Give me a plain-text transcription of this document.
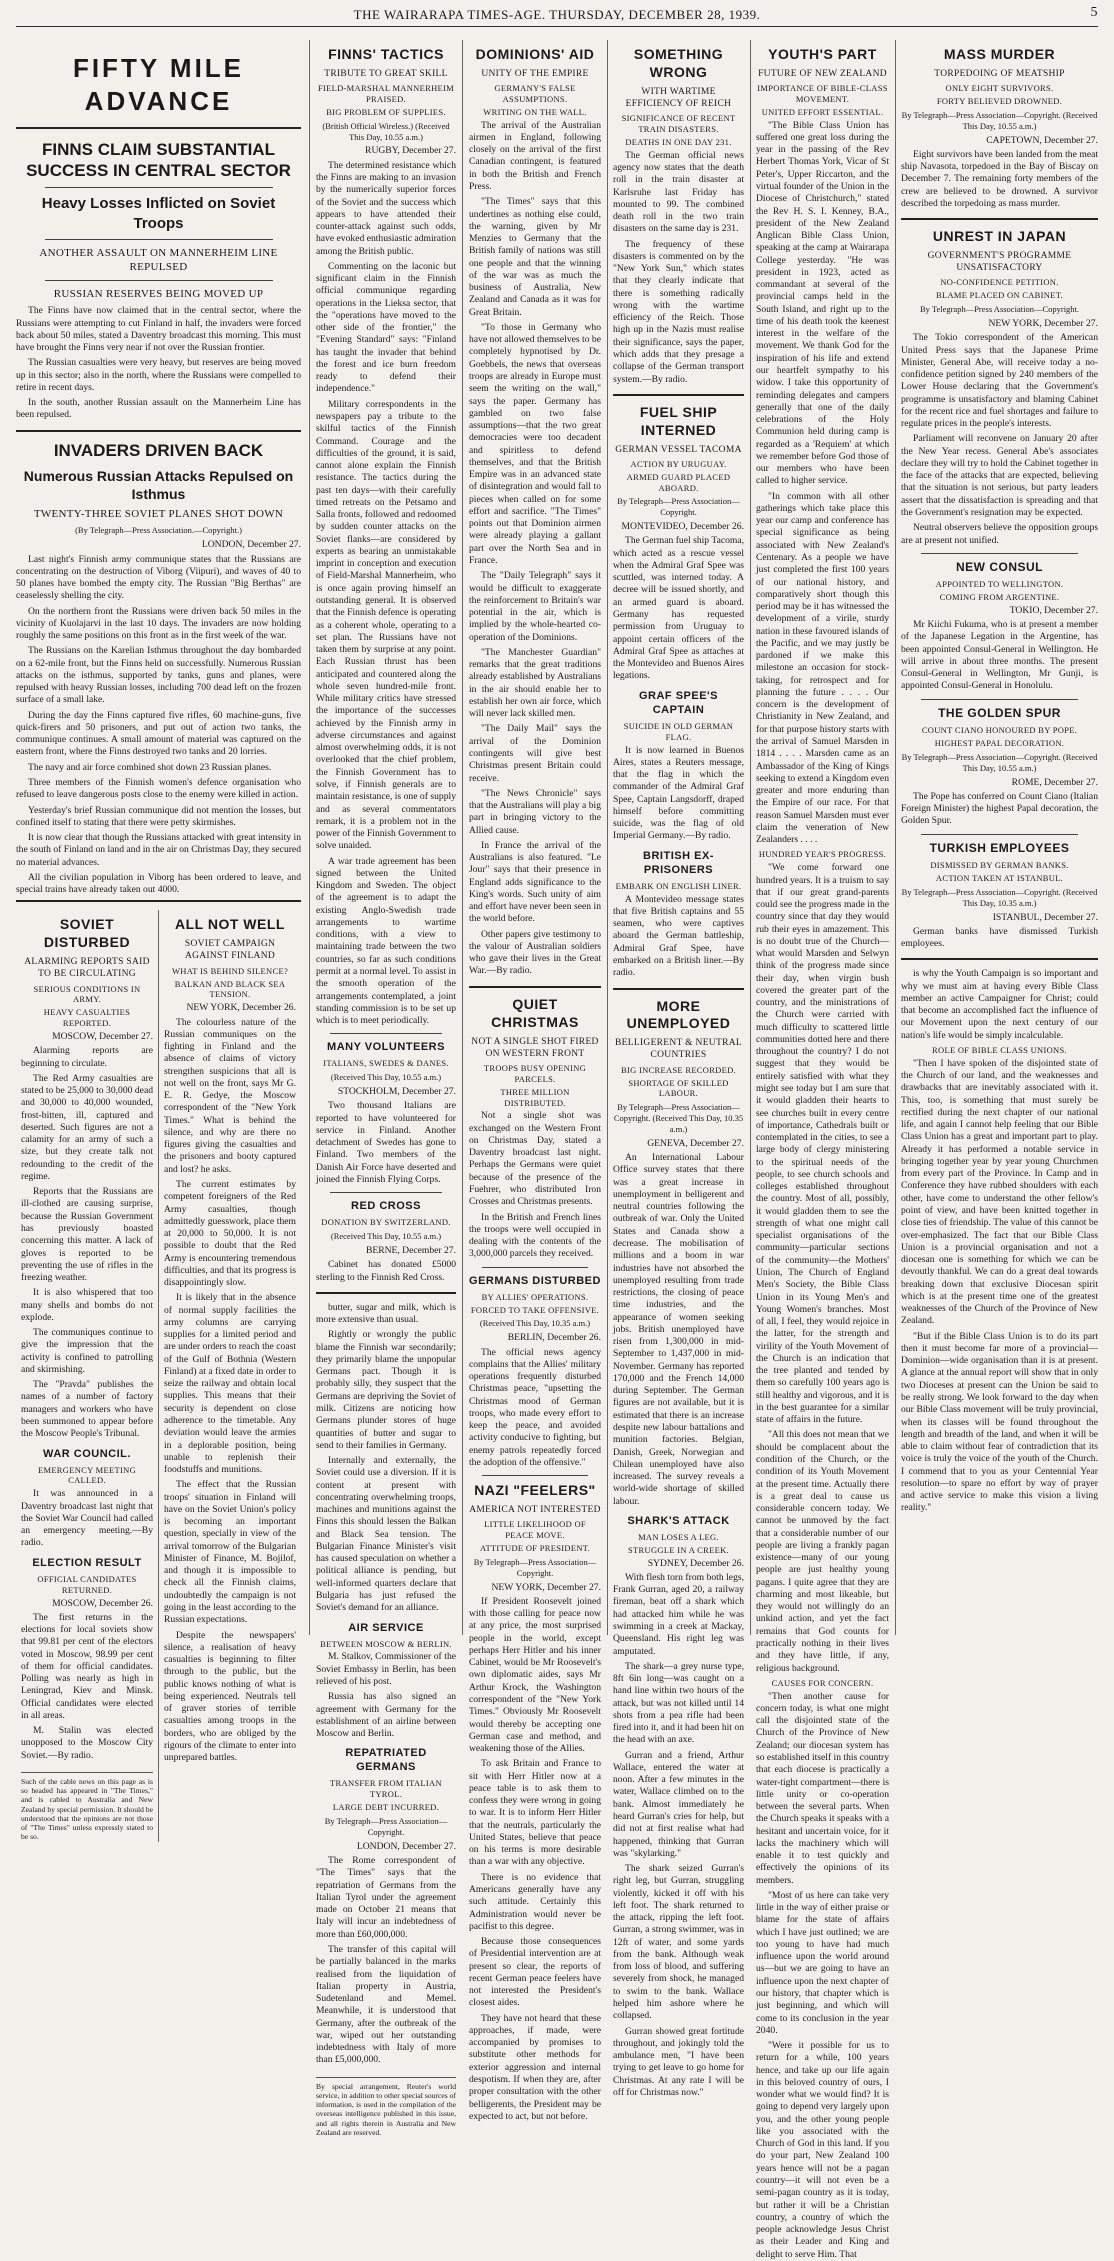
THE WAIRARAPA TIMES-AGE. THURSDAY, DECEMBER 28, 1939.	5
FIFTY MILE ADVANCE
FINNS CLAIM SUBSTANTIAL SUCCESS IN CENTRAL SECTOR
Heavy Losses Inflicted on Soviet Troops
ANOTHER ASSAULT ON MANNERHEIM LINE REPULSED
RUSSIAN RESERVES BEING MOVED UP

The Finns have now claimed that in the central sector, where the Russians were attempting to cut Finland in half, the invaders were forced back about 50 miles, stated a Daventry broadcast this morning. This must have brought the Finns very near if not over the Russian frontier.

The Russian casualties were very heavy, but reserves are being moved up in this sector; also in the north, where the Russians were compelled to retire in recent days.

In the south, another Russian assault on the Mannerheim Line has been repulsed.

INVADERS DRIVEN BACK
Numerous Russian Attacks Repulsed on Isthmus
TWENTY-THREE SOVIET PLANES SHOT DOWN
(By Telegraph—Press Association.—Copyright.)
LONDON, December 27.

Last night's Finnish army communique states that the Russians are concentrating on the destruction of Viborg (Viipuri), and waves of 40 to 50 planes have bombed the empty city. The Russian "Big Berthas" are ceaselessly shelling the city.

On the northern front the Russians were driven back 50 miles in the vicinity of Kuolajarvi in the last 10 days. The invaders are now holding roughly the same positions on this front as in the first week of the war.

The Russians on the Karelian Isthmus throughout the day bombarded on a 62-mile front, but the Finns held on successfully. Numerous Russian attacks on the isthmus, supported by tanks, guns and planes, were repulsed with heavy Russian losses, including 700 dead left on the frozen surface of a small lake.

During the day the Finns captured five rifles, 60 machine-guns, five quick-firers and 50 prisoners, and put out of action two tanks, the communique continues. A small amount of material was captured on the eastern front, where the Finns destroyed two tanks and 20 lorries.

The navy and air force combined shot down 23 Russian planes.

Three members of the Finnish women's defence organisation who refused to leave dangerous posts close to the enemy were killed in action.

Yesterday's brief Russian communique did not mention the losses, but confined itself to stating that there were petty skirmishes.

It is now clear that though the Russians attacked with great intensity in the south of Finland on land and in the air on Christmas Day, they secured no material advances.

All the civilian population in Viborg has been ordered to leave, and special trains have already taken out 4000.

SOVIET DISTURBED
ALARMING REPORTS SAID TO BE CIRCULATING
SERIOUS CONDITIONS IN ARMY.
HEAVY CASUALTIES REPORTED.
MOSCOW, December 27.

Alarming reports are beginning to circulate.

The Red Army casualties are stated to be 25,000 to 30,000 dead and 30,000 to 40,000 wounded, frost-bitten, ill, captured and deserted. Such figures are not a calamity for an army of such a size, but they create talk not redounding to the credit of the regime.

Reports that the Russians are ill-clothed are causing surprise, because the Russian Government has previously boasted concerning this matter. A lack of gloves is reported to be preventing the use of rifles in the freezing weather.

It is also whispered that too many shells and bombs do not explode.

The communiques continue to give the impression that the activity is confined to patrolling and skirmishing.

The "Pravda" publishes the names of a number of factory managers and workers who have been summoned to appear before the Moscow People's Tribunal.

WAR COUNCIL.
EMERGENCY MEETING CALLED.

It was announced in a Daventry broadcast last night that the Soviet War Council had called an emergency meeting.—By radio.

ELECTION RESULT
OFFICIAL CANDIDATES RETURNED.
MOSCOW, December 26.

The first returns in the elections for local soviets show that 99.81 per cent of the electors voted in Moscow, 98.99 per cent of them for official candidates. Polling was nearly as high in Leningrad, Kiev and Minsk. Official candidates were elected in all areas.

M. Stalin was elected unopposed to the Moscow City Soviet.—By radio.

Such of the cable news on this page as is so headed has appeared in "The Times," and is cabled to Australia and New Zealand by special permission. It should be understood that the opinions are not those of "The Times" unless expressly stated to be so.
ALL NOT WELL
SOVIET CAMPAIGN AGAINST FINLAND
WHAT IS BEHIND SILENCE?
BALKAN AND BLACK SEA TENSION.
NEW YORK, December 26.

The colourless nature of the Russian communiques on the fighting in Finland and the absence of claims of victory strengthen suspicions that all is not well on the front, says Mr G. E. R. Gedye, the Moscow correspondent of the "New York Times." What is behind the silence, and why are there no figures giving the casualties and the prisoners and booty captured and lost? he asks.

The current estimates by competent foreigners of the Red Army casualties, though admittedly guesswork, place them at 20,000 to 50,000. It is not possible to doubt that the Red Army is encountering tremendous difficulties, and that its progress is disappointingly slow.

It is likely that in the absence of normal supply facilities the army columns are carrying supplies for a limited period and are under orders to reach the coast of the Gulf of Bothnia (Western Finland) at a fixed date in order to seize the railway and obtain local supplies. This means that their security is dependent on close adherence to the timetable. Any deviation would leave the armies in a deplorable position, being unable to replenish their foodstuffs and munitions.

The effect that the Russian troops' situation in Finland will have on the Soviet Union's policy is becoming an important question, specially in view of the arrival tomorrow of the Bulgarian Minister of Finance, M. Bojilof, and though it is impossible to check all the Finnish claims, undoubtedly the campaign is not going in the least according to the Russian expectations.

Despite the newspapers' silence, a realisation of heavy casualties is beginning to filter through to the public, but the public knows nothing of what is being experienced. Neutrals tell of graver stories of terrible casualties among troops in the borders, who are obliged by the rigours of the climate to enter into unprepared battles.

FINNS' TACTICS
TRIBUTE TO GREAT SKILL
FIELD-MARSHAL MANNERHEIM PRAISED.
BIG PROBLEM OF SUPPLIES.
(British Official Wireless.) (Received This Day, 10.55 a.m.)
RUGBY, December 27.

The determined resistance which the Finns are making to an invasion by the numerically superior forces of the Soviet and the success which appears to have attended their counter-attack against such odds, have evoked enthusiastic admiration among the British public.

Commenting on the laconic but significant claim in the Finnish official communique regarding operations in the Lieksa sector, that the "operations have moved to the other side of the frontier," the "Evening Standard" says: "Finland has taught the invader that behind the forest and ice burn freedom ready to defend their independence."

Military correspondents in the newspapers pay a tribute to the skilful tactics of the Finnish Command. Courage and the difficulties of the ground, it is said, cannot alone explain the Finnish resistance. The tactics during the past ten days—with their carefully timed retreats on the Petsamo and Salla fronts, followed and redoomed by sudden counter attacks on the Soviet flanks—are considered by experts as bearing an unmistakable imprint in conception and execution of Field-Marshal Mannerheim, who is once again proving himself an outstanding general. It is observed that the Finnish defence is operating as a coherent whole, operating to a set plan. The Russians have not taken them by surprise at any point. Each Russian thrust has been anticipated and countered along the whole seven hundred-mile front. While military critics have stressed the importance of the successes achieved by the Finnish army in adverse circumstances and against almost overwhelming odds, it is not overlooked that the chief problem, the Finnish Government has to solve, if Finnish generals are to maintain resistance, is one of supply and as several commentators remark, it is a problem not in the power of the Finnish Government to solve unaided.

A war trade agreement has been signed between the United Kingdom and Sweden. The object of the agreement is to adapt the existing Anglo-Swedish trade arrangements to wartime conditions, with a view to maintaining trade between the two countries, so far as such conditions permit at a normal level. To assist in the smooth operation of the arrangements contemplated, a joint standing commission is to be set up which is to meet periodically.

MANY VOLUNTEERS
ITALIANS, SWEDES & DANES.
(Received This Day, 10.55 a.m.)
STOCKHOLM, December 27.

Two thousand Italians are reported to have volunteered for service in Finland. Another detachment of Swedes has gone to Finland. Two members of the Danish Air Force have deserted and joined the Finnish Flying Corps.

RED CROSS
DONATION BY SWITZERLAND.
(Received This Day, 10.55 a.m.)
BERNE, December 27.

Cabinet has donated £5000 sterling to the Finnish Red Cross.

butter, sugar and milk, which is more extensive than usual.

Rightly or wrongly the public blame the Finnish war secondarily; they primarily blame the unpopular Germans pact. Though it is probably silly, they suspect that the Germans are depriving the Soviet of milk. Citizens are noticing how Germans plunder stores of huge quantities of butter and sugar to send to their families in Germany.

Internally and externally, the Soviet could use a diversion. If it is content at present with concentrating overwhelming troops, machines and munitions against the Finns this should lessen the Balkan and Black Sea tension. The Bulgarian Finance Minister's visit has caused speculation on whether a political alliance is pending, but well-informed quarters declare that Bulgaria has just refused the Soviet's demand for an alliance.

AIR SERVICE
BETWEEN MOSCOW & BERLIN.

M. Stalkov, Commissioner of the Soviet Embassy in Berlin, has been relieved of his post.

Russia has also signed an agreement with Germany for the establishment of an airline between Moscow and Berlin.

REPATRIATED GERMANS
TRANSFER FROM ITALIAN TYROL.
LARGE DEBT INCURRED.
By Telegraph—Press Association—Copyright.
LONDON, December 27.

The Rome correspondent of "The Times" says that the repatriation of Germans from the Italian Tyrol under the agreement made on October 21 means that Italy will incur an indebtedness of more than £60,000,000.

The transfer of this capital will be partially balanced in the marks realised from the liquidation of Italian property in Austria, Sudetenland and Memel. Meanwhile, it is understood that Germany, after the outbreak of the war, wiped out her outstanding indebtedness with Italy of more than £5,000,000.

By special arrangement, Reuter's world service, in addition to other special sources of information, is used in the compilation of the overseas intelligence published in this issue, and all rights therein in Australia and New Zealand are reserved.
DOMINIONS' AID
UNITY OF THE EMPIRE
GERMANY'S FALSE ASSUMPTIONS.
WRITING ON THE WALL.

The arrival of the Australian airmen in England, following closely on the arrival of the first Canadian contingent, is featured in both the British and French Press.

"The Times" says that this undertines as nothing else could, the warning, given by Mr Menzies to Germany that the British family of nations was still one people and that the winning of the war was as much the business of Australia, New Zealand and Canada as it was for Great Britain.

"To those in Germany who have not allowed themselves to be completely hypnotised by Dr. Goebbels, the news that overseas troops are already in Europe must seem the writing on the wall," says the paper. Germany has gambled on two false assumptions—that the two great democracies were too decadent and spiritless to defend themselves, and that the British Empire was in an advanced state of disintegration and would fall to pieces when called on for some effort and sacrifice. "The Times" points out that Dominion airmen were already playing a gallant part over the North Sea and in France.

The "Daily Telegraph" says it would be difficult to exaggerate the reinforcement to Britain's war potential in the air, which is implied by the whole-hearted co-operation of the Dominions.

"The Manchester Guardian" remarks that the great traditions already established by Australians in the air should enable her to establish her own air force, which will never lack skilled men.

"The Daily Mail" says the arrival of the Dominion contingents will give best Christmas present Britain could receive.

"The News Chronicle" says that the Australians will play a big part in bringing victory to the Allied cause.

In France the arrival of the Australians is also featured. "Le Jour" says that their presence in England adds significance to the King's words. Such unity of aim and effort have never been seen in the world before.

Other papers give testimony to the valour of Australian soldiers who gave their lives in the Great War.—By radio.

QUIET CHRISTMAS
NOT A SINGLE SHOT FIRED ON WESTERN FRONT
TROOPS BUSY OPENING PARCELS.
THREE MILLION DISTRIBUTED.

Not a single shot was exchanged on the Western Front on Christmas Day, stated a Daventry broadcast last night. Perhaps the Germans were quiet because of the presence of the Fuehrer, who distributed Iron Crosses and Christmas presents.

In the British and French lines the troops were well occupied in dealing with the contents of the 3,000,000 parcels they received.

GERMANS DISTURBED
BY ALLIES' OPERATIONS.
FORCED TO TAKE OFFENSIVE.
(Received This Day, 10.35 a.m.)
BERLIN, December 26.

The official news agency complains that the Allies' military operations frequently disturbed Christmas peace, "upsetting the Christmas mood of German troops, who made every effort to keep the peace, and avoided activity conducive to fighting, but enemy patrols repeatedly forced the adoption of the offensive."

NAZI "FEELERS"
AMERICA NOT INTERESTED
LITTLE LIKELIHOOD OF PEACE MOVE.
ATTITUDE OF PRESIDENT.
By Telegraph—Press Association—Copyright.
NEW YORK, December 27.

If President Roosevelt joined with those calling for peace now at any price, the most surprised people in the world, except perhaps Herr Hitler and his inner Cabinet, would be Mr Roosevelt's own diplomatic aides, says Mr Arthur Krock, the Washington correspondent of the "New York Times." Obviously Mr Roosevelt would thereby be accepting one German case and method, and weakening those of the Allies.

To ask Britain and France to sit with Herr Hitler now at a peace table is to ask them to confess they were wrong in going to war. It is to inform Herr Hitler that the neutrals, particularly the United States, believe that peace on his terms is more desirable than a war with any objective.

There is no evidence that Americans generally have any such attitude. Certainly this Administration would never be pacifist to this degree.

Because those consequences of Presidential intervention are at present so clear, the reports of recent German peace feelers have not interested the President's closest aides.

They have not heard that these approaches, if made, were accompanied by promises to substitute other methods for exterior aggression and internal despotism. If when they are, after proper consultation with the other belligerents, the President may be expected to act, but not before.

SOMETHING WRONG
WITH WARTIME EFFICIENCY OF REICH
SIGNIFICANCE OF RECENT TRAIN DISASTERS.
DEATHS IN ONE DAY 231.

The German official news agency now states that the death roll in the train disaster at Karlsruhe last Friday has mounted to 99. The combined death roll in the two train disasters on the same day is 231.

The frequency of these disasters is commented on by the "New York Sun," which states that they clearly indicate that there is something radically wrong with the wartime efficiency of the Reich. Those high up in the Nazis must realise their significance, says the paper, which adds that they presage a collapse of the German transport system.—By radio.

FUEL SHIP INTERNED
GERMAN VESSEL TACOMA
ACTION BY URUGUAY.
ARMED GUARD PLACED ABOARD.
By Telegraph—Press Association—Copyright.
MONTEVIDEO, December 26.

The German fuel ship Tacoma, which acted as a rescue vessel when the Admiral Graf Spee was scuttled, was interned today. A decree will be issued shortly, and an armed guard is aboard. Germany has requested permission from Uruguay to appoint certain officers of the Admiral Graf Spee as attaches at the Montevideo and Buenos Aires legations.

GRAF SPEE'S CAPTAIN
SUICIDE IN OLD GERMAN FLAG.

It is now learned in Buenos Aires, states a Reuters message, that the flag in which the commander of the Admiral Graf Spee, Captain Langsdorff, draped himself before committing suicide, was the flag of old Imperial Germany.—By radio.

BRITISH EX-PRISONERS
EMBARK ON ENGLISH LINER.

A Montevideo message states that five British captains and 55 seamen, who were captives aboard the German battleship, Admiral Graf Spee, have embarked on a British liner.—By radio.

MORE UNEMPLOYED
BELLIGERENT & NEUTRAL COUNTRIES
BIG INCREASE RECORDED.
SHORTAGE OF SKILLED LABOUR.
By Telegraph—Press Association—Copyright. (Received This Day, 10.35 a.m.)
GENEVA, December 27.

An International Labour Office survey states that there was a great increase in unemployment in belligerent and neutral countries following the outbreak of war. Only the United States and Canada show a decrease. The mobilisation of millions and a boom in war industries have not absorbed the unemployed resulting from trade restrictions, the closing of peace time industries, and the appearance of women seeking jobs. British unemployed have risen from 1,300,000 in mid-September to 1,437,000 in mid-November. Germany has reported 170,000 and the French 14,000 during September. The German figures are not available, but it is estimated that there is an increase despite new labour battalions and munition factories. Belgian, Danish, Greek, Norwegian and Chilean unemployed have also increased. The survey reveals a world-wide shortage of skilled labour.

SHARK'S ATTACK
MAN LOSES A LEG.
STRUGGLE IN A CREEK.
SYDNEY, December 26.

With flesh torn from both legs, Frank Gurran, aged 20, a railway fireman, beat off a shark which had attacked him while he was swimming in a creek at Mackay, Queensland. His right leg was amputated.

The shark—a grey nurse type, 8ft 6in long—was caught on a hand line within two hours of the attack, but was not killed until 14 shots from a pea rifle had been fired into it, and it had been hit on the head with an axe.

Gurran and a friend, Arthur Wallace, entered the water at noon. After a few minutes in the water, Wallace climbed on to the bank. Almost immediately he heard Gurran's cries for help, but did not at first realise what had happened, thinking that Gurran was "skylarking."

The shark seized Gurran's right leg, but Gurran, struggling violently, kicked it off with his left foot. The shark returned to the attack, ripping the left foot. Gurran, a strong swimmer, was in 12ft of water, and some yards from the bank. Although weak from loss of blood, and suffering severely from shock, he managed to swim to the bank. Wallace helped him ashore where he collapsed.

Gurran showed great fortitude throughout, and jokingly told the ambulance men, "I have been trying to get leave to go home for Christmas. At any rate I will be off for Christmas now."

YOUTH'S PART
FUTURE OF NEW ZEALAND
IMPORTANCE OF BIBLE-CLASS MOVEMENT.
UNITED EFFORT ESSENTIAL.

"The Bible Class Union has suffered one great loss during the year in the passing of the Rev Herbert Thomas York, Vicar of St Peter's, Upper Riccarton, and the virtual founder of the Union in the Diocese of Christchurch," stated the Rev H. S. I. Kenney, B.A., president of the New Zealand Anglican Bible Class Union, speaking at the camp at Wairarapa College yesterday. "He was president in 1923, acted as commandant at several of the provincial camps held in the South Island, and right up to the time of his death took the keenest interest in the welfare of the movement. We thank God for the inspiration of his life and extend our heartfelt sympathy to his widow. I take this opportunity of reminding delegates and campers generally that one of the daily celebrations of the Holy Communion held during camp is regarded as a 'Requiem' at which we remember before God those of our members who have been called to higher service.

"In common with all other gatherings which take place this year our camp and conference has special significance as being associated with New Zealand's Centenary. As a people we have just completed the first 100 years of our national history, and comparatively short though this period may be it has witnessed the development of a virile, sturdy nation in these favoured islands of the Pacific, and we may justly be pardoned if we make this milestone an occasion for stock-taking, for retrospect and for planning the future . . . . Our concern is the development of Christianity in New Zealand, and for that purpose history starts with the arrival of Samuel Marsden in 1814 . . . . Marsden came as an Ambassador of the King of Kings seeking to extend a Kingdom even greater and more enduring than the Empire of our race. For that reason Samuel Marsden must ever claim the veneration of New Zealanders . . . .

HUNDRED YEAR'S PROGRESS.

"We come forward one hundred years. It is a truism to say that if our great grand-parents could see the progress made in the country since that day they would rub their eyes in amazement. This is no doubt true of the Church—what would Marsden and Selwyn think of the progress made since their day, when virgin bush covered the greater part of the country, and the ministrations of the Church were carried with much difficulty to scattered little communities dotted here and there throughout the country? I do not suggest that they would be entirely satisfied with what they might see today but I am sure that it would gladden their hearts to see churches built in every centre of importance, Cathedrals built or contemplated in the cities, to see a large body of clergy ministering to the spiritual needs of the people, to see church schools and colleges established throughout the country. Most of all, possibly, it would gladden them to see the strength of what one might call specialist organisations of the community—particular sections of the community—the Mothers' Union, The Church of England Men's Society, the Bible Class Union in its Young Men's and Young Women's branches. Most of all, I feel, they would rejoice in the latter, for the strength and virility of the Youth Movement of the Church is an indication that the tree planted and tended by them so carefully 100 years ago is still healthy and vigorous, and it is in the best guarantee for a similar state of affairs in the future.

"All this does not mean that we should be complacent about the condition of the Church, or the condition of its Youth Movement at the present time. Actually there is a great deal to cause us considerable concern today. We cannot be unmoved by the fact that a considerable number of our people are living a frankly pagan existence—many of our young people are just healthy young pagans. I quite agree that they are charming and most likeable, but they would not willingly do an unkind action, and yet the fact remains that God counts for practically nothing in their lives and they have little, if any, religious background.

CAUSES FOR CONCERN.

"Then another cause for concern today, is what one might call the disjointed state of the Church of the Province of New Zealand; our diocesan system has so established itself in this country that each diocese is practically a water-tight compartment—there is little unity or co-operation between the several parts. When the Church speaks it speaks with a hesitant and uncertain voice, for it lacks the machinery which will enable it to test quickly and effectively the opinions of its members.

"Most of us here can take very little in the way of either praise or blame for the state of affairs which I have just outlined; we are too young to have had much influence upon the world around us—but we are going to have an influence upon the next chapter of our history, that chapter which is just beginning, and which will come to its conclusion in the year 2040.

"Were it possible for us to return for a while, 100 years hence, and take up our life again in this beloved country of ours, I wonder what we would find? It is going to depend very largely upon you, and the other young people like you associated with the Church of God in this land. If you do your part, New Zealand 100 years hence will not be a pagan country—it will not even be a semi-pagan country as it is today, but rather it will be a Christian country, a country of which the people acknowledge Jesus Christ as their Leader and King and delight to serve Him. That

MASS MURDER
TORPEDOING OF MEATSHIP
ONLY EIGHT SURVIVORS.
FORTY BELIEVED DROWNED.
By Telegraph—Press Association—Copyright. (Received This Day, 10.55 a.m.)
CAPETOWN, December 27.

Eight survivors have been landed from the meat ship Navasota, torpedoed in the Bay of Biscay on December 7. The remaining forty members of the crew are believed to be drowned. A survivor described the torpedoing as mass murder.

UNREST IN JAPAN
GOVERNMENT'S PROGRAMME UNSATISFACTORY
NO-CONFIDENCE PETITION.
BLAME PLACED ON CABINET.
By Telegraph—Press Association—Copyright.
NEW YORK, December 27.

The Tokio correspondent of the American United Press says that the Japanese Prime Minister, General Abe, will receive today a no-confidence petition signed by 240 members of the Lower House declaring that the Government's programme is unsatisfactory and blaming Cabinet for the recent rice and fuel shortages and failure to regulate prices in the people's interests.

Parliament will reconvene on January 20 after the New Year recess. General Abe's associates declare they will try to hold the Cabinet together in the face of the attacks that are expected, believing that the situation is not serious, but party leaders assert that the dissatisfaction is spreading and that the Government's resignation may be expected.

Neutral observers believe the opposition groups are at present not unified.

NEW CONSUL
APPOINTED TO WELLINGTON.
COMING FROM ARGENTINE.
TOKIO, December 27.

Mr Kiichi Fukuma, who is at present a member of the Japanese Legation in the Argentine, has been appointed Consul-General in Wellington. He will arrive in about three months. The present Consul-General in Wellington, Mr Gunji, is appointed Consul-General in Honolulu.

THE GOLDEN SPUR
COUNT CIANO HONOURED BY POPE.
HIGHEST PAPAL DECORATION.
By Telegraph—Press Association—Copyright. (Received This Day, 10.55 a.m.)
ROME, December 27.

The Pope has conferred on Count Ciano (Italian Foreign Minister) the highest Papal decoration, the Golden Spur.

TURKISH EMPLOYEES
DISMISSED BY GERMAN BANKS.
ACTION TAKEN AT ISTANBUL.
By Telegraph—Press Association—Copyright. (Received This Day, 10.35 a.m.)
ISTANBUL, December 27.

German banks have dismissed Turkish employees.

is why the Youth Campaign is so important and why we must aim at having every Bible Class member an active Campaigner for Christ; could that become an accomplished fact the influence of our Movement upon the next century of our nation's life would be simply incalculable.

ROLE OF BIBLE CLASS UNIONS.

"Then I have spoken of the disjointed state of the Church of our land, and the weaknesses and drawbacks that are inevitably associated with it. This, too, is something that must surely be rectified during the next chapter of our national life, and again I cannot help feeling that our Bible Class Union has a great and important part to play. Already it has performed a notable service in bringing together year by year young Churchmen from every part of the Province. In Camp and in Conference they have rubbed shoulders with each other, have come to understand the other fellow's point of view, and have been knitted together in close ties of friendship. The value of this cannot be over-emphasized. The fact that our Bible Class Union is a provincial organisation and not a diocesan one is something for which we can be devoutly thankful. We can do a great deal towards breaking down that exclusive Diocesan spirit which is at the present time one of the greatest weaknesses of the Church of the Province of New Zealand.

"But if the Bible Class Union is to do its part then it must become far more of a provincial—Dominion—wide organisation than it is at present. A glance at the annual report will show that in only two Dioceses at present can the Union be said to be really strong. We look forward to the day when our Bible Class movement will be truly provincial, when its classes will be found throughout the length and breadth of the land, and when it will be able to claim without fear of contradiction that its voice is truly the voice of the youth of the Church. I commend that to you as your Centennial Year resolution—to spare no effort by way of prayer and active service to make this vision a living reality."
